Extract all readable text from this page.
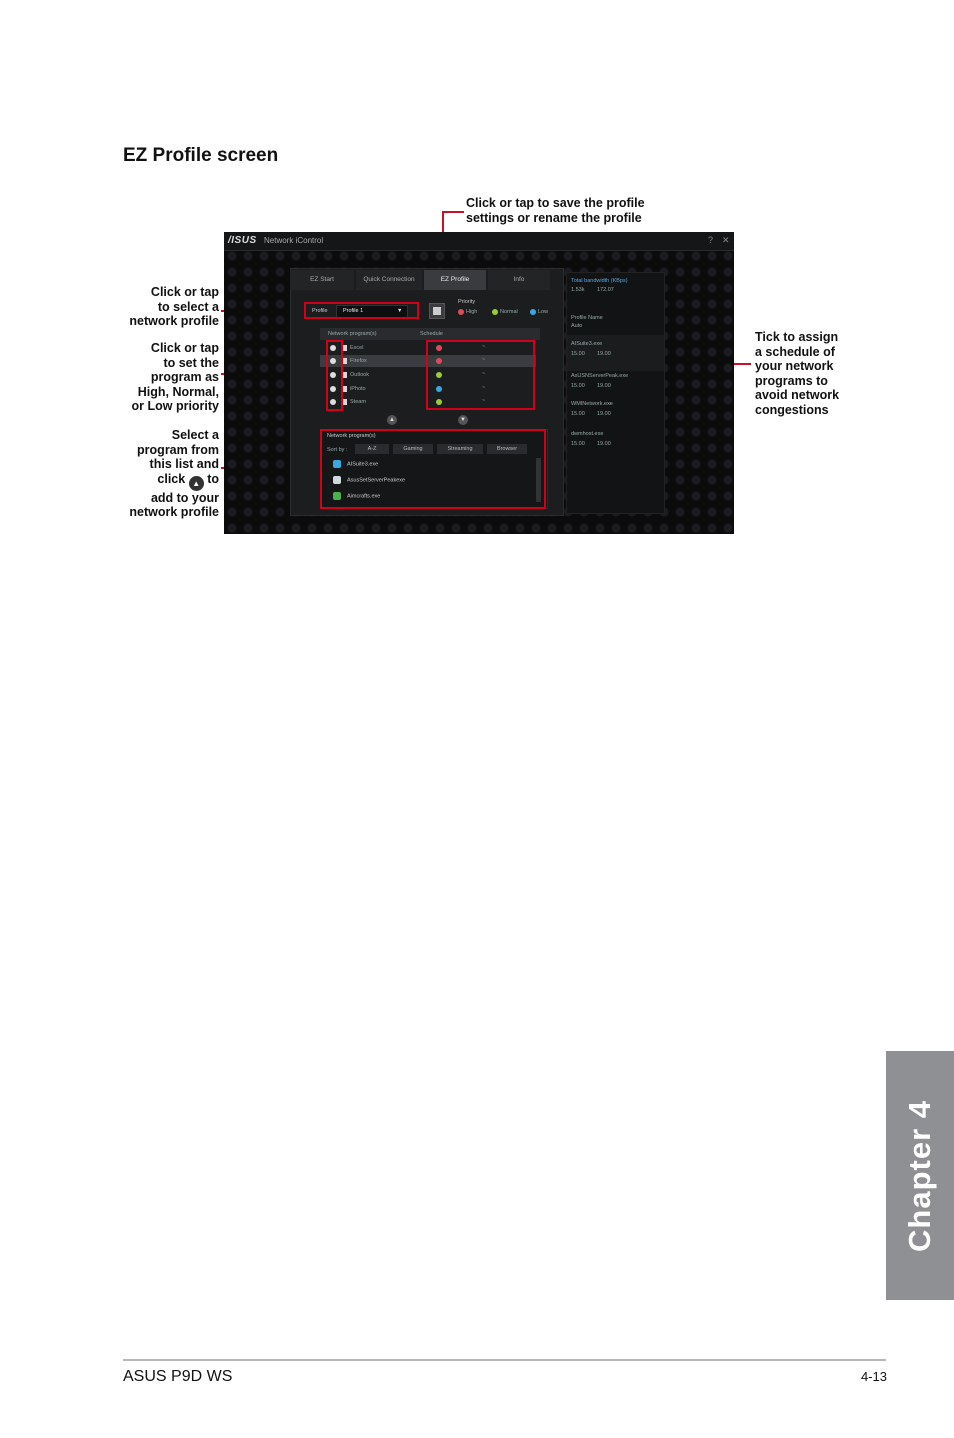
EZ Profile screen
Click or tap to save the profile
settings or rename the profile
Click or tap
to select a
network profile
Click or tap
to set the
program as
High, Normal,
or Low priority
Select a
program from
this list and
click ▲ to
add to your
network profile
Tick to assign
a schedule of
your network
programs to
avoid network
congestions
/ISUS Network iControl	? ✕
EZ Start	Quick Connection	EZ Profile	Info
Profile	Profile 1	▼
Priority
High	Normal	Low
Network program(s)	Schedule
Excel	~
Firefox	~
Outlook	~
iPhoto	~
Steam	~
▲	▼
Network program(s)
Sort by :	A-Z	Gaming	Streaming	Browser
AISuite3.exe
AsusSetServerPeakexe
Aimcrafts.exe
Total bandwidth (KBps)
1.53k 172.07
Profile Name
Auto
AISuite3.exe
15.00 19.00
AsUSNServerPeak.exe
15.00 19.00
WMINetwork.exe
15.00 19.00
dwmhost.exe
15.00 19.00
Chapter 4
ASUS P9D WS	4-13
